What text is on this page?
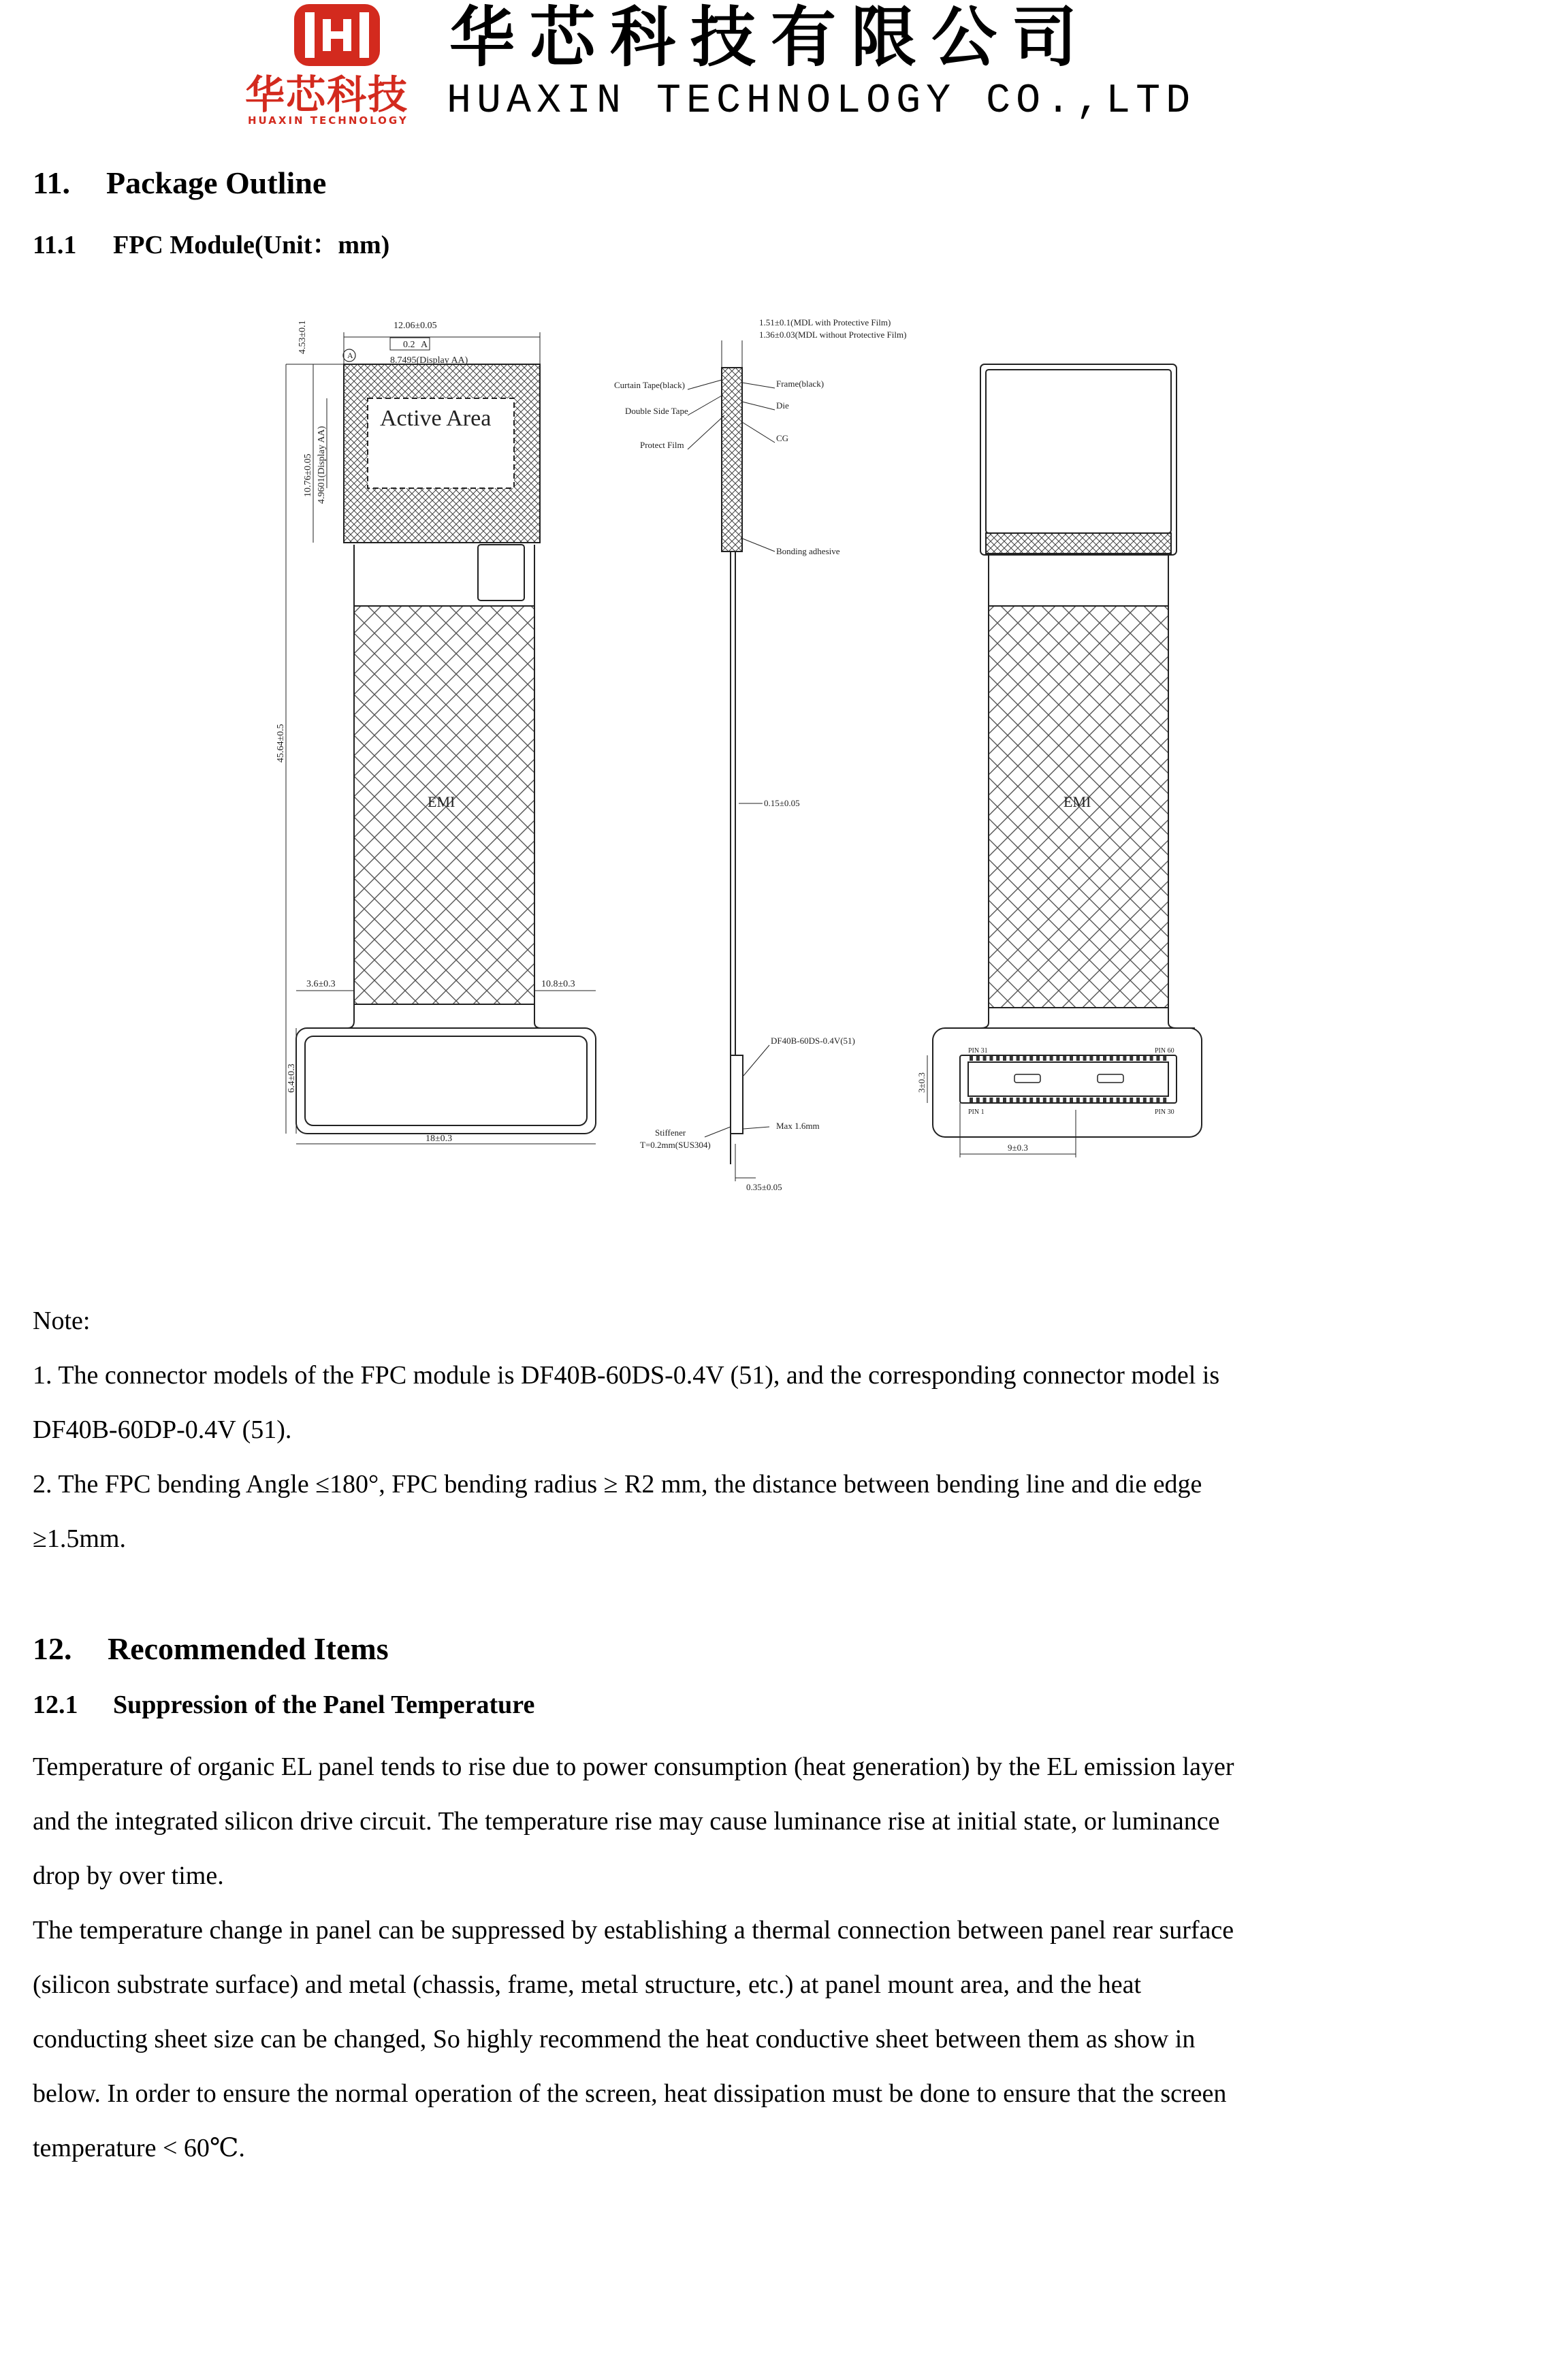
华芯科技有限公司
华芯科技
HUAXIN TECHNOLOGY HUAXIN TECHNOLOGY CO.,LTD
11. Package Outline
11.1 FPC Module(Unit：mm)
12.06±0.05
0.2 A
A	8.7495(Display AA)
4.53±0.1
10.76±0.05 4.9601(Display AA)
Active Area
45.64±0.5
EMI
3.6±0.3	10.8±0.3
6.4±0.3
18±0.3
1.51±0.1(MDL with Protective Film)
1.36±0.03(MDL without Protective Film)
Curtain Tape(black)
Double Side Tape
Protect Film
Frame(black)
Die
CG
Bonding adhesive
0.15±0.05
DF40B-60DS-0.4V(51)
Stiffener
T=0.2mm(SUS304)
Max 1.6mm
0.35±0.05
PIN 31	PIN 60
PIN 1	PIN 30
3±0.3
9±0.3
EMI
Note:
1. The connector models of the FPC module is DF40B-60DS-0.4V (51), and the corresponding connector model is
DF40B-60DP-0.4V (51).
2. The FPC bending Angle ≤180°, FPC bending radius ≥ R2 mm, the distance between bending line and die edge
≥1.5mm.
12. Recommended Items
12.1 Suppression of the Panel Temperature
Temperature of organic EL panel tends to rise due to power consumption (heat generation) by the EL emission layer
and the integrated silicon drive circuit. The temperature rise may cause luminance rise at initial state, or luminance
drop by over time.
The temperature change in panel can be suppressed by establishing a thermal connection between panel rear surface
(silicon substrate surface) and metal (chassis, frame, metal structure, etc.) at panel mount area, and the heat
conducting sheet size can be changed, So highly recommend the heat conductive sheet between them as show in
below. In order to ensure the normal operation of the screen, heat dissipation must be done to ensure that the screen
temperature < 60℃.
